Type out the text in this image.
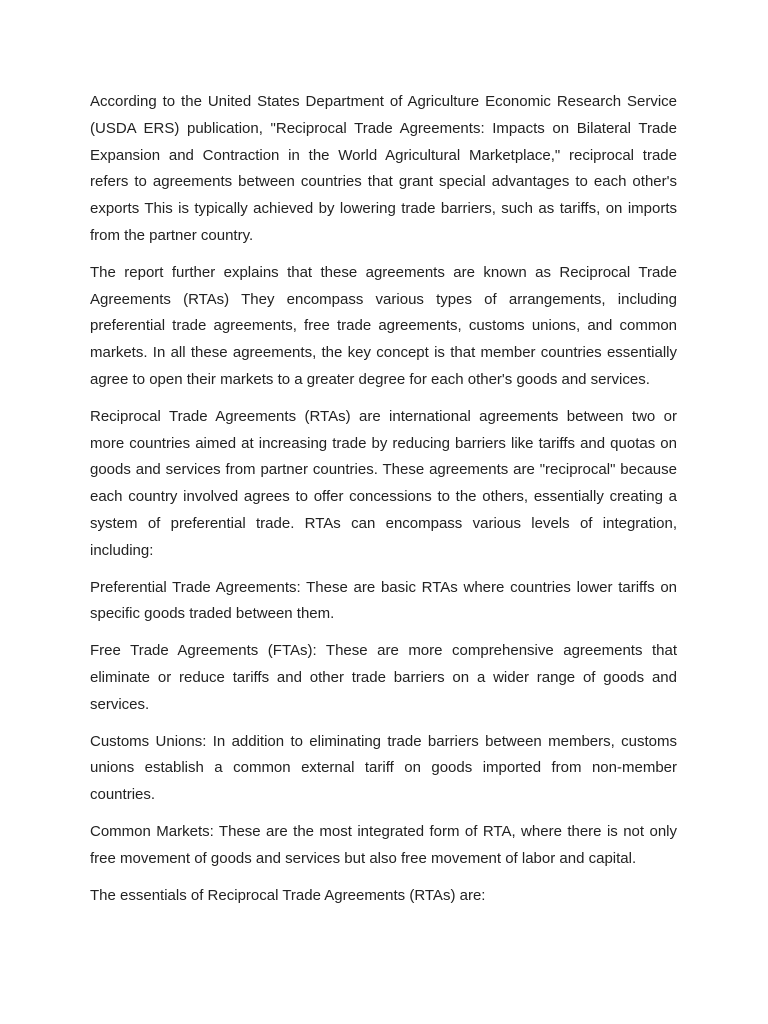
According to the United States Department of Agriculture Economic Research Service
(USDA ERS) publication, "Reciprocal Trade Agreements: Impacts on Bilateral Trade
Expansion and Contraction in the World Agricultural Marketplace," reciprocal trade
refers to agreements between countries that grant special advantages to each other's
exports This is typically achieved by lowering trade barriers, such as tariffs, on imports
from the partner country.
The report further explains that these agreements are known as Reciprocal Trade
Agreements (RTAs) They encompass various types of arrangements, including
preferential trade agreements, free trade agreements, customs unions, and common
markets. In all these agreements, the key concept is that member countries essentially
agree to open their markets to a greater degree for each other's goods and services.
Reciprocal Trade Agreements (RTAs) are international agreements between two or
more countries aimed at increasing trade by reducing barriers like tariffs and quotas on
goods and services from partner countries. These agreements are "reciprocal" because
each country involved agrees to offer concessions to the others, essentially creating a
system of preferential trade. RTAs can encompass various levels of integration,
including:
Preferential Trade Agreements: These are basic RTAs where countries lower tariffs on
specific goods traded between them.
Free Trade Agreements (FTAs): These are more comprehensive agreements that
eliminate or reduce tariffs and other trade barriers on a wider range of goods and
services.
Customs Unions: In addition to eliminating trade barriers between members, customs
unions establish a common external tariff on goods imported from non-member
countries.
Common Markets: These are the most integrated form of RTA, where there is not only
free movement of goods and services but also free movement of labor and capital.
The essentials of Reciprocal Trade Agreements (RTAs) are:
